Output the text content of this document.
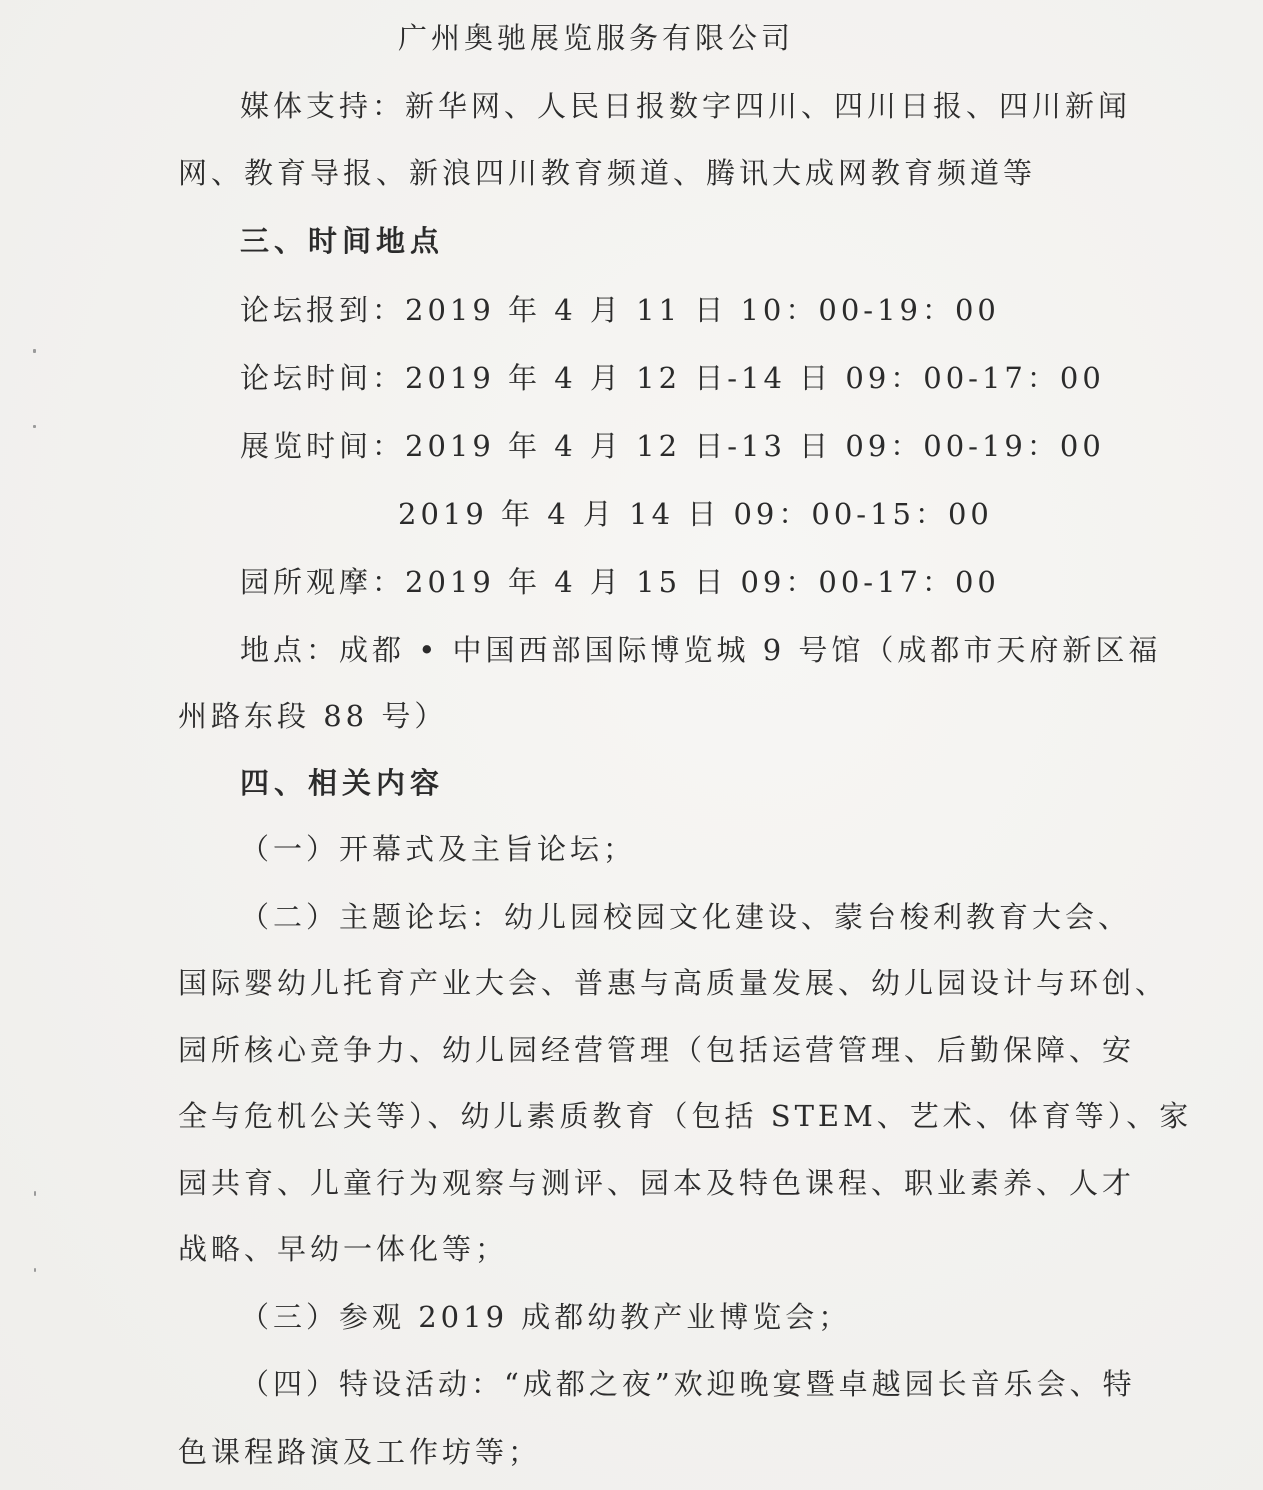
广州奥驰展览服务有限公司
媒体支持：新华网、人民日报数字四川、四川日报、四川新闻
网、教育导报、新浪四川教育频道、腾讯大成网教育频道等
三、时间地点
论坛报到：2019 年 4 月 11 日 10：00-19：00
论坛时间：2019 年 4 月 12 日-14 日 09：00-17：00
展览时间：2019 年 4 月 12 日-13 日 09：00-19：00
2019 年 4 月 14 日 09：00-15：00
园所观摩：2019 年 4 月 15 日 09：00-17：00
地点：成都 • 中国西部国际博览城 9 号馆（成都市天府新区福
州路东段 88 号）
四、相关内容
（一）开幕式及主旨论坛；
（二）主题论坛：幼儿园校园文化建设、蒙台梭利教育大会、
国际婴幼儿托育产业大会、普惠与高质量发展、幼儿园设计与环创、
园所核心竞争力、幼儿园经营管理（包括运营管理、后勤保障、安
全与危机公关等）、幼儿素质教育（包括 STEM、艺术、体育等）、家
园共育、儿童行为观察与测评、园本及特色课程、职业素养、人才
战略、早幼一体化等；
（三）参观 2019 成都幼教产业博览会；
（四）特设活动：“成都之夜”欢迎晚宴暨卓越园长音乐会、特
色课程路演及工作坊等；
